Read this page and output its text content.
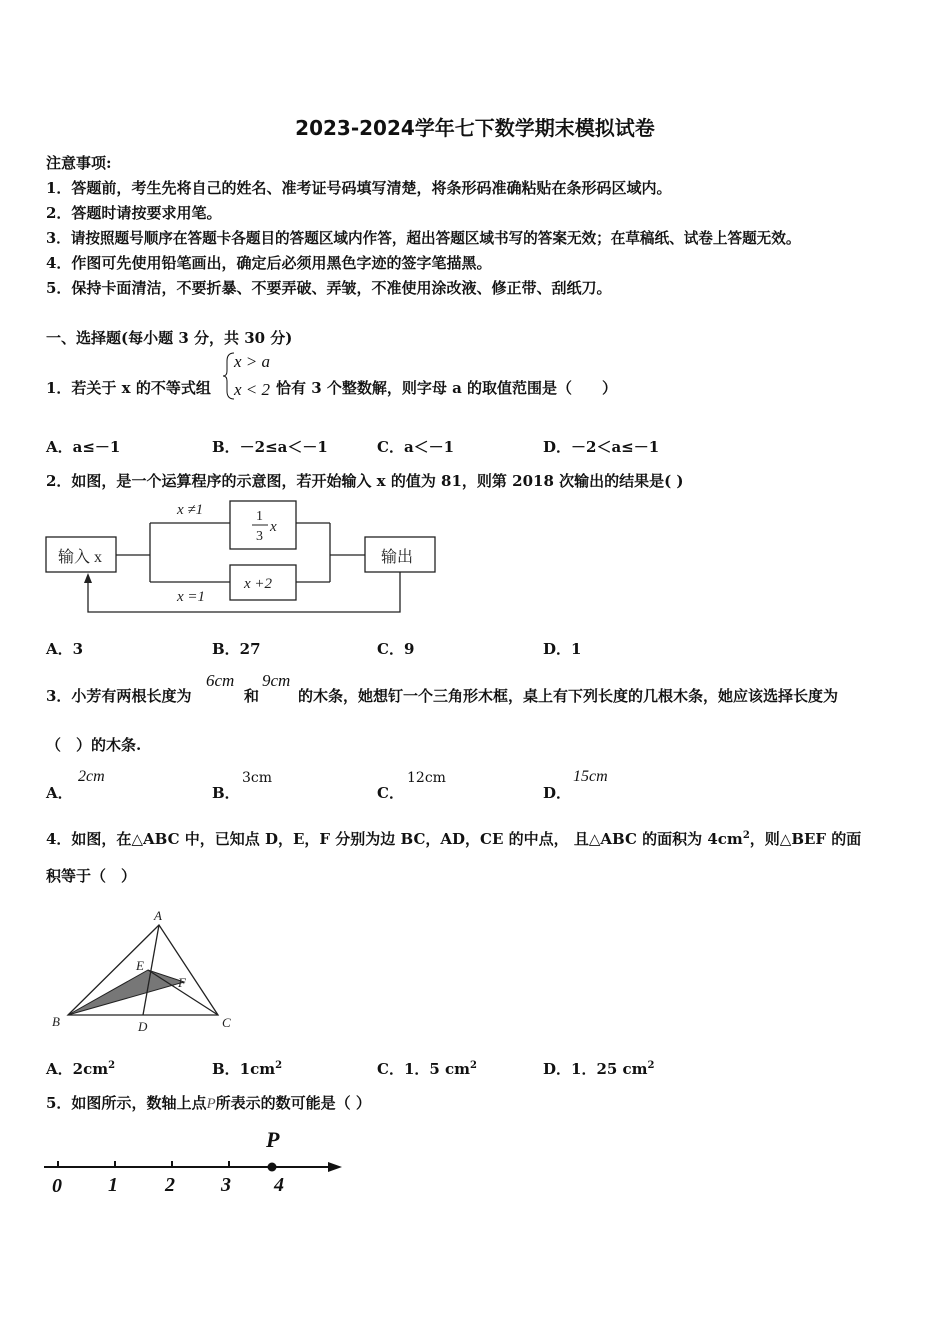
2023-2024学年七下数学期末模拟试卷
注意事项:
1．答题前，考生先将自己的姓名、准考证号码填写清楚，将条形码准确粘贴在条形码区域内。
2．答题时请按要求用笔。
3．请按照题号顺序在答题卡各题目的答题区域内作答，超出答题区域书写的答案无效；在草稿纸、试卷上答题无效。
4．作图可先使用铅笔画出，确定后必须用黑色字迹的签字笔描黑。
5．保持卡面清洁，不要折暴、不要弄破、弄皱，不准使用涂改液、修正带、刮纸刀。
一、选择题(每小题 3 分，共 30 分)
1．若关于 x 的不等式组
x > a
x < 2 恰有 3 个整数解，则字母 a 的取值范围是（　　）
A．a≤－1	B．－2≤a＜－1	C．a＜－1	D．－2＜a≤－1
2．如图，是一个运算程序的示意图，若开始输入 x 的值为 81，则第 2018 次输出的结果是( )
输入 x	输出
x ≠1
x =1
1
3
x
x +2
A．3	B．27	C．9	D．1
3．小芳有两根长度为
6cm
和
9cm
的木条，她想钉一个三角形木框，桌上有下列长度的几根木条，她应该选择长度为
（　）的木条.
A．
2cm
B．
3cm
C．
12cm
D．
15cm
4．如图，在△ABC 中，已知点 D，E，F 分别为边 BC，AD，CE 的中点， 且△ABC 的面积为 $4cm^2$，则△BEF 的面
积等于（　）
A
B	C
D
E
F
A．$2cm^2$	B．$1cm^2$	C．1．5 $cm^2$	D．1．25 $cm^2$
5．如图所示，数轴上点P所表示的数可能是（ ）
P
0 1 2 3 4
